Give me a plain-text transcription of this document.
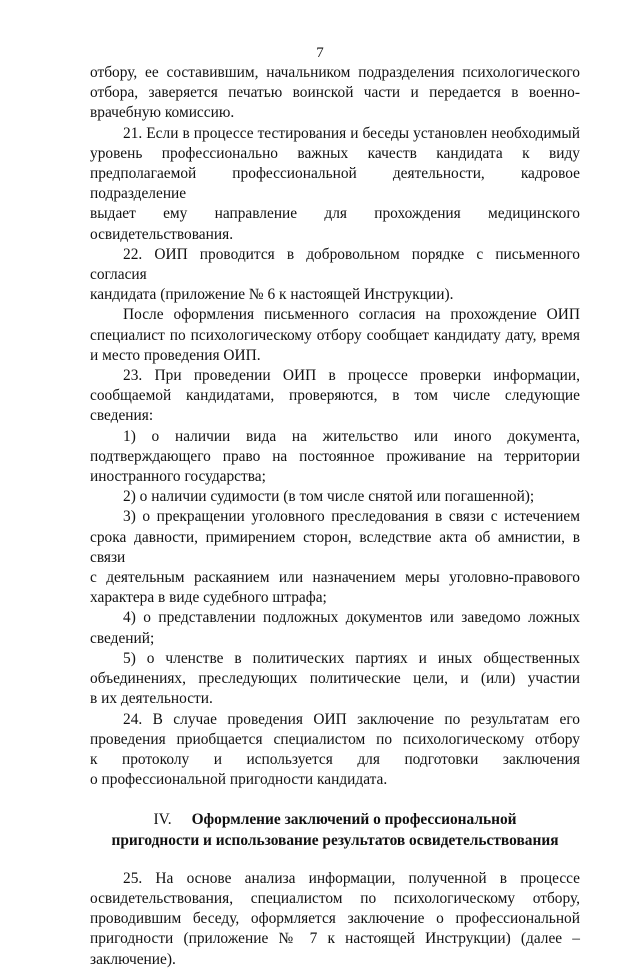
7
отбору, ее составившим, начальником подразделения психологического
отбора, заверяется печатью воинской части и передается в военно-
врачебную комиссию.
21. Если в процессе тестирования и беседы установлен необходимый
уровень профессионально важных качеств кандидата к виду
предполагаемой профессиональной деятельности, кадровое подразделение
выдает ему направление для прохождения медицинского
освидетельствования.
22. ОИП проводится в добровольном порядке с письменного согласия
кандидата (приложение № 6 к настоящей Инструкции).
После оформления письменного согласия на прохождение ОИП
специалист по психологическому отбору сообщает кандидату дату, время
и место проведения ОИП.
23. При проведении ОИП в процессе проверки информации,
сообщаемой кандидатами, проверяются, в том числе следующие сведения:
1) о наличии вида на жительство или иного документа,
подтверждающего право на постоянное проживание на территории
иностранного государства;
2) о наличии судимости (в том числе снятой или погашенной);
3) о прекращении уголовного преследования в связи с истечением
срока давности, примирением сторон, вследствие акта об амнистии, в связи
с деятельным раскаянием или назначением меры уголовно-правового
характера в виде судебного штрафа;
4) о представлении подложных документов или заведомо ложных
сведений;
5) о членстве в политических партиях и иных общественных
объединениях, преследующих политические цели, и (или) участии
в их деятельности.
24. В случае проведения ОИП заключение по результатам его
проведения приобщается специалистом по психологическому отбору
к протоколу и используется для подготовки заключения
о профессиональной пригодности кандидата.
IV. Оформление заключений о профессиональной
пригодности и использование результатов освидетельствования
25. На основе анализа информации, полученной в процессе
освидетельствования, специалистом по психологическому отбору,
проводившим беседу, оформляется заключение о профессиональной
пригодности (приложение № 7 к настоящей Инструкции) (далее –
заключение).
